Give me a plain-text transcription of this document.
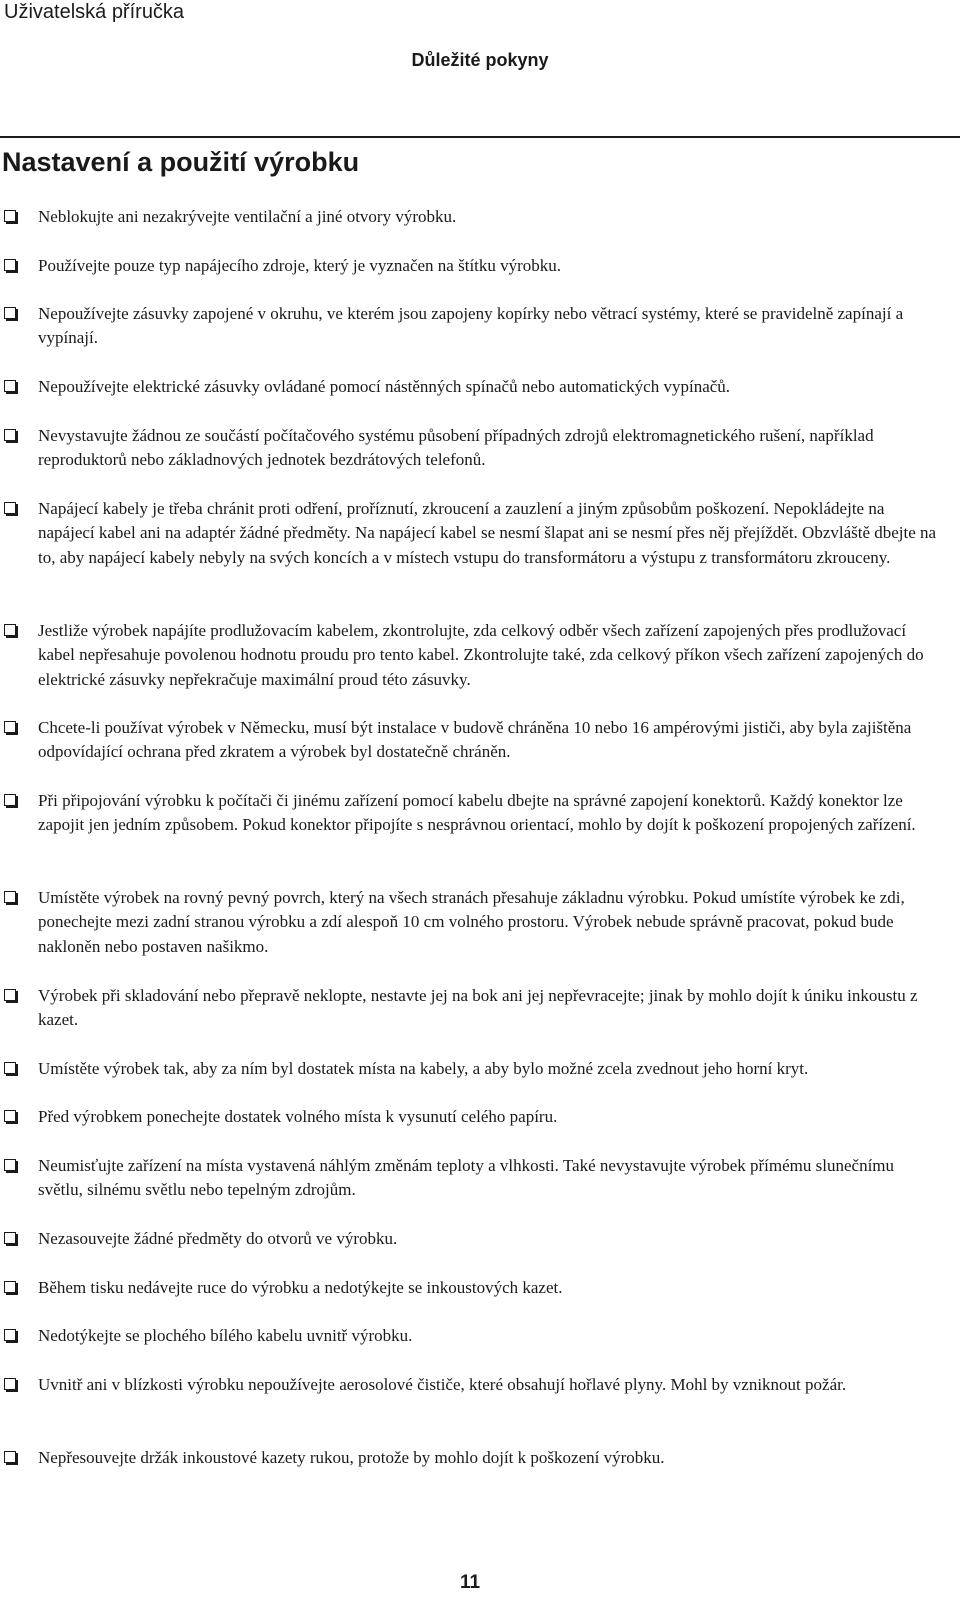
Uživatelská příručka
Důležité pokyny
Nastavení a použití výrobku
Neblokujte ani nezakrývejte ventilační a jiné otvory výrobku.
Používejte pouze typ napájecího zdroje, který je vyznačen na štítku výrobku.
Nepoužívejte zásuvky zapojené v okruhu, ve kterém jsou zapojeny kopírky nebo větrací systémy, které se pravidelně zapínají a vypínají.
Nepoužívejte elektrické zásuvky ovládané pomocí nástěnných spínačů nebo automatických vypínačů.
Nevystavujte žádnou ze součástí počítačového systému působení případných zdrojů elektromagnetického rušení, například reproduktorů nebo základnových jednotek bezdrátových telefonů.
Napájecí kabely je třeba chránit proti odření, proříznutí, zkroucení a zauzlení a jiným způsobům poškození. Nepokládejte na napájecí kabel ani na adaptér žádné předměty. Na napájecí kabel se nesmí šlapat ani se nesmí přes něj přejíždět. Obzvláště dbejte na to, aby napájecí kabely nebyly na svých koncích a v místech vstupu do transformátoru a výstupu z transformátoru zkrouceny.
Jestliže výrobek napájíte prodlužovacím kabelem, zkontrolujte, zda celkový odběr všech zařízení zapojených přes prodlužovací kabel nepřesahuje povolenou hodnotu proudu pro tento kabel. Zkontrolujte také, zda celkový příkon všech zařízení zapojených do elektrické zásuvky nepřekračuje maximální proud této zásuvky.
Chcete-li používat výrobek v Německu, musí být instalace v budově chráněna 10 nebo 16 ampérovými jističi, aby byla zajištěna odpovídající ochrana před zkratem a výrobek byl dostatečně chráněn.
Při připojování výrobku k počítači či jinému zařízení pomocí kabelu dbejte na správné zapojení konektorů. Každý konektor lze zapojit jen jedním způsobem. Pokud konektor připojíte s nesprávnou orientací, mohlo by dojít k poškození propojených zařízení.
Umístěte výrobek na rovný pevný povrch, který na všech stranách přesahuje základnu výrobku. Pokud umístíte výrobek ke zdi, ponechejte mezi zadní stranou výrobku a zdí alespoň 10 cm volného prostoru. Výrobek nebude správně pracovat, pokud bude nakloněn nebo postaven našikmo.
Výrobek při skladování nebo přepravě neklopte, nestavte jej na bok ani jej nepřevracejte; jinak by mohlo dojít k úniku inkoustu z kazet.
Umístěte výrobek tak, aby za ním byl dostatek místa na kabely, a aby bylo možné zcela zvednout jeho horní kryt.
Před výrobkem ponechejte dostatek volného místa k vysunutí celého papíru.
Neumisťujte zařízení na místa vystavená náhlým změnám teploty a vlhkosti. Také nevystavujte výrobek přímému slunečnímu světlu, silnému světlu nebo tepelným zdrojům.
Nezasouvejte žádné předměty do otvorů ve výrobku.
Během tisku nedávejte ruce do výrobku a nedotýkejte se inkoustových kazet.
Nedotýkejte se plochého bílého kabelu uvnitř výrobku.
Uvnitř ani v blízkosti výrobku nepoužívejte aerosolové čističe, které obsahují hořlavé plyny. Mohl by vzniknout požár.
Nepřesouvejte držák inkoustové kazety rukou, protože by mohlo dojít k poškození výrobku.
11
